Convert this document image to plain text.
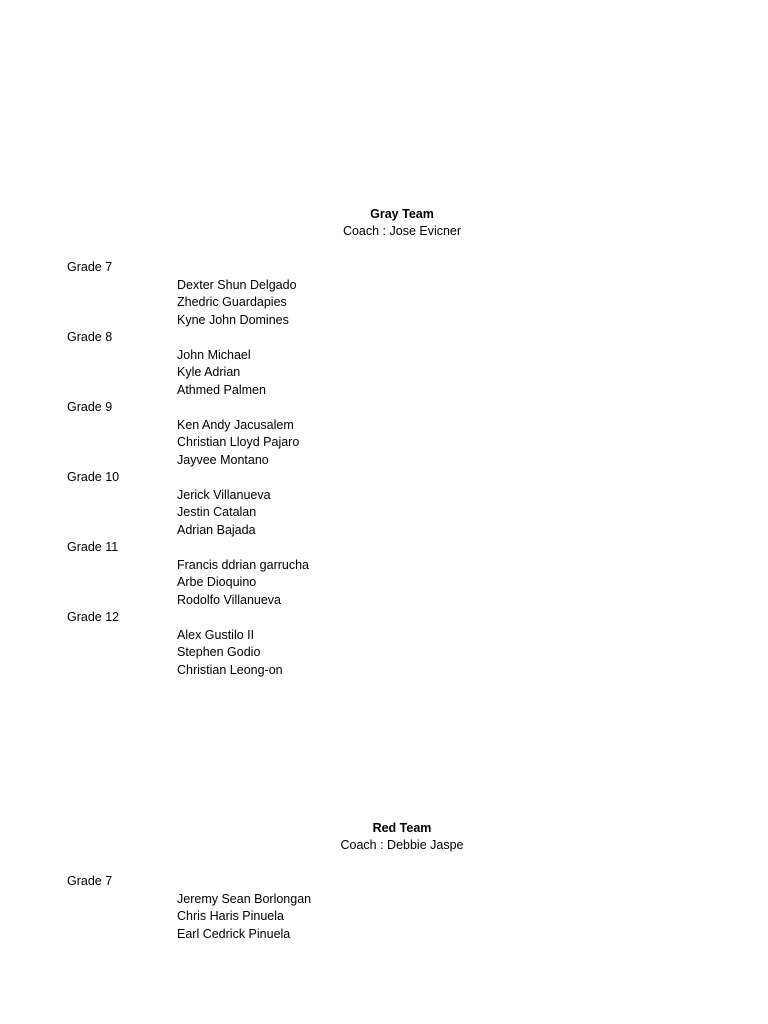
Gray Team

Coach : Jose Evicner

Grade 7
Dexter Shun Delgado
Zhedric Guardapies
Kyne John Domines
Grade 8
John Michael
Kyle Adrian
Athmed Palmen
Grade 9
Ken Andy Jacusalem
Christian Lloyd Pajaro
Jayvee Montano
Grade 10
Jerick Villanueva
Jestin Catalan
Adrian Bajada
Grade 11
Francis ddrian garrucha
Arbe Dioquino
Rodolfo Villanueva
Grade 12
Alex Gustilo II
Stephen Godio
Christian Leong-on

Red Team

Coach : Debbie Jaspe

Grade 7
Jeremy Sean Borlongan
Chris Haris Pinuela
Earl Cedrick Pinuela
